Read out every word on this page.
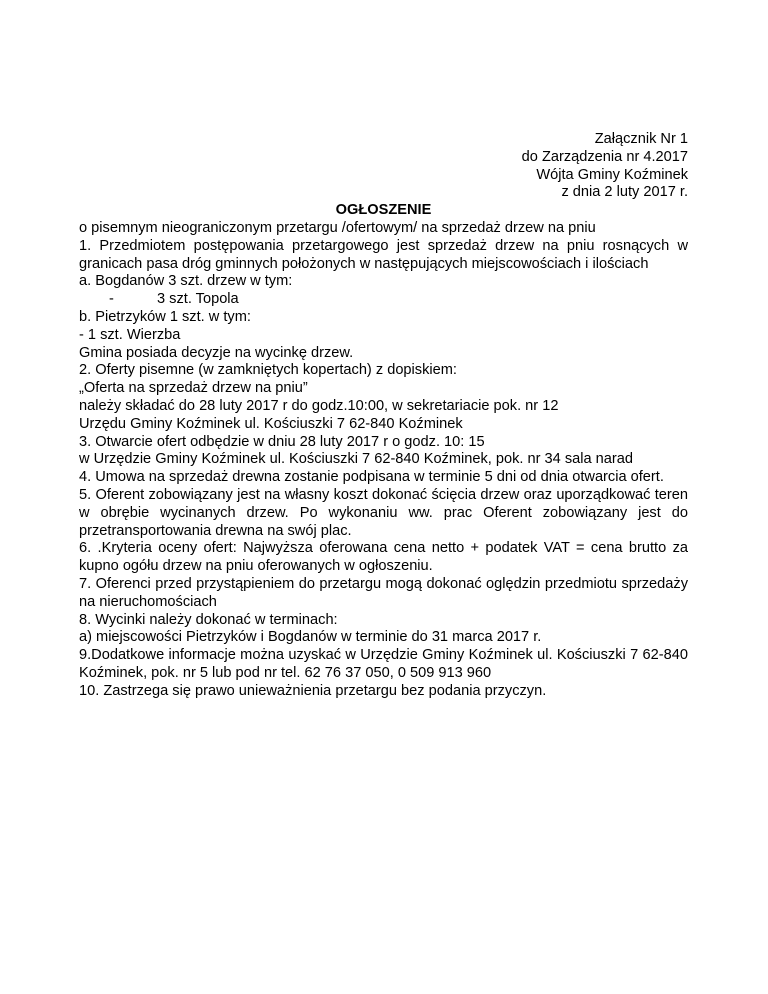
Załącznik Nr 1
do Zarządzenia nr 4.2017
Wójta Gminy Koźminek
z dnia 2 luty 2017 r.
OGŁOSZENIE
o pisemnym nieograniczonym przetargu /ofertowym/ na sprzedaż drzew na pniu
1. Przedmiotem postępowania przetargowego jest sprzedaż drzew na pniu rosnących w granicach pasa dróg gminnych położonych w następujących miejscowościach i ilościach
a. Bogdanów 3 szt. drzew w tym:
-	3 szt. Topola
b. Pietrzyków 1 szt. w tym:
- 1 szt. Wierzba
Gmina posiada decyzje na wycinkę drzew.
2. Oferty pisemne (w zamkniętych kopertach) z dopiskiem:
„Oferta na sprzedaż drzew na pniu”
należy składać do 28 luty 2017 r do godz.10:00, w sekretariacie pok. nr 12
Urzędu Gminy Koźminek ul. Kościuszki 7 62-840 Koźminek
3. Otwarcie ofert odbędzie w dniu 28 luty 2017 r o godz. 10: 15
w Urzędzie Gminy Koźminek ul. Kościuszki 7 62-840 Koźminek, pok. nr 34 sala narad
4. Umowa na sprzedaż drewna zostanie podpisana w terminie 5 dni od dnia otwarcia ofert.
5. Oferent zobowiązany jest na własny koszt dokonać ścięcia drzew oraz uporządkować teren w obrębie wycinanych drzew. Po wykonaniu ww. prac Oferent zobowiązany jest do przetransportowania drewna na swój plac.
6. .Kryteria oceny ofert: Najwyższa oferowana cena netto + podatek VAT = cena brutto za kupno ogółu drzew na pniu oferowanych w ogłoszeniu.
7. Oferenci przed przystąpieniem do przetargu mogą dokonać oględzin przedmiotu sprzedaży na nieruchomościach
8. Wycinki należy dokonać w terminach:
a) miejscowości Pietrzyków i Bogdanów w terminie do 31 marca 2017 r.
9.Dodatkowe informacje można uzyskać w Urzędzie Gminy Koźminek ul. Kościuszki 7 62-840 Koźminek, pok. nr 5 lub pod nr tel. 62 76 37 050, 0 509 913 960
10. Zastrzega się prawo unieważnienia przetargu bez podania przyczyn.
